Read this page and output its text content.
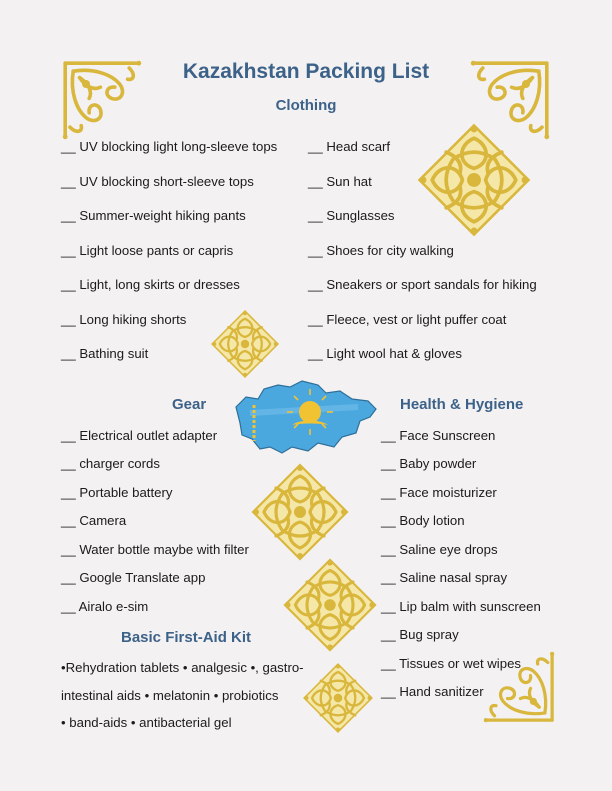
Kazakhstan Packing List
Clothing
__ UV blocking light long-sleeve tops
__ UV blocking short-sleeve tops
__ Summer-weight hiking pants
__ Light loose pants or capris
__ Light, long skirts or dresses
__ Long hiking shorts
__ Bathing suit
__ Head scarf
__ Sun hat
__ Sunglasses
__ Shoes for city walking
__ Sneakers or sport sandals for hiking
__ Fleece, vest or light puffer coat
__ Light wool hat & gloves
Gear
__ Electrical outlet adapter
__ charger cords
__ Portable battery
__ Camera
__ Water bottle maybe with filter
__ Google Translate app
__ Airalo e-sim
Health & Hygiene
__ Face Sunscreen
__ Baby powder
__ Face moisturizer
__ Body lotion
__ Saline eye drops
__ Saline nasal spray
__ Lip balm with sunscreen
__ Bug spray
__ Tissues or wet wipes
__ Hand sanitizer
Basic First-Aid Kit
•Rehydration tablets • analgesic •, gastro-
intestinal aids • melatonin • probiotics
• band-aids • antibacterial gel
